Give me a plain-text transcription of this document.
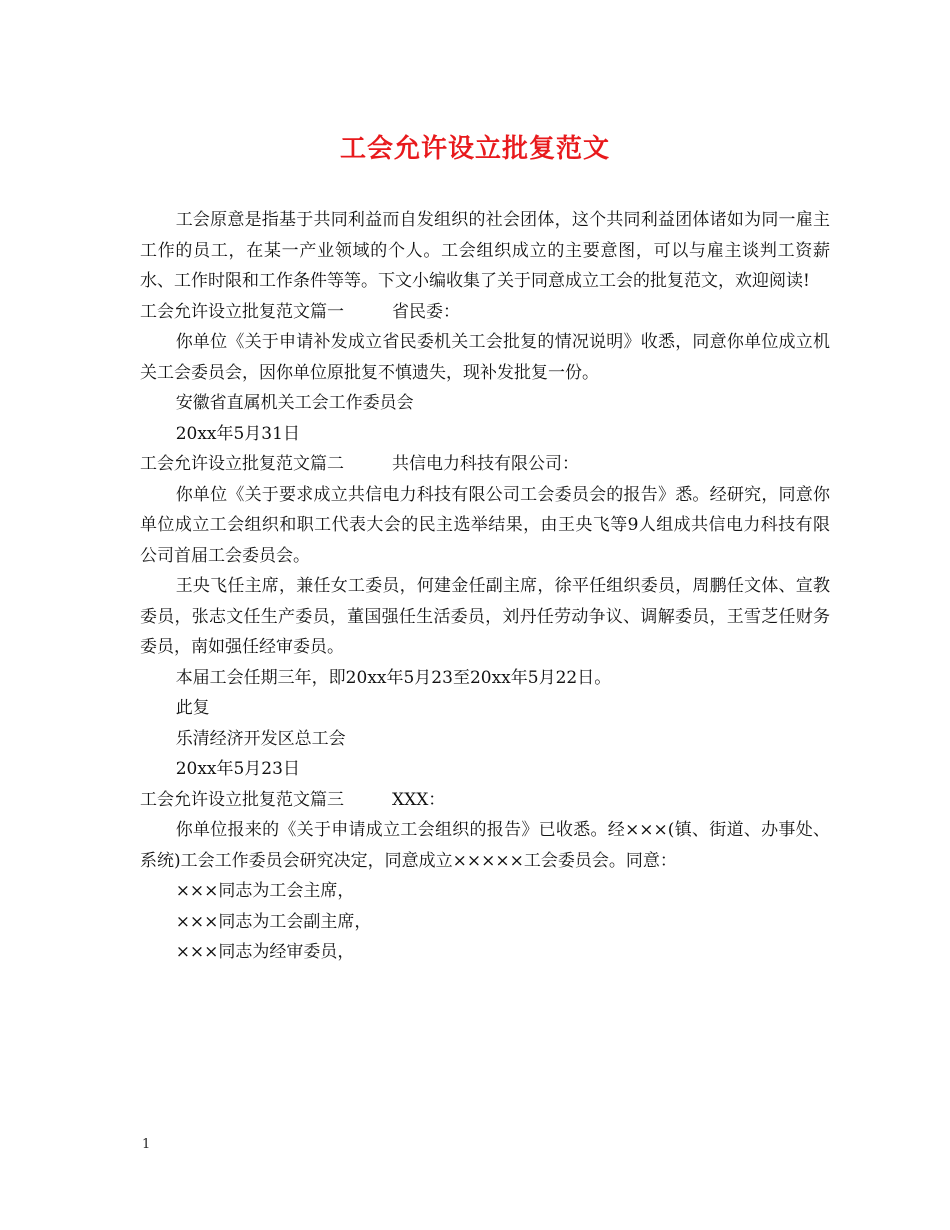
工会允许设立批复范文

工会原意是指基于共同利益而自发组织的社会团体，这个共同利益团体诸如为同一雇主工作的员工，在某一产业领域的个人。工会组织成立的主要意图，可以与雇主谈判工资薪水、工作时限和工作条件等等。下文小编收集了关于同意成立工会的批复范文，欢迎阅读!

工会允许设立批复范文篇一	省民委：

你单位《关于申请补发成立省民委机关工会批复的情况说明》收悉，同意你单位成立机关工会委员会，因你单位原批复不慎遗失，现补发批复一份。

安徽省直属机关工会工作委员会

20xx年5月31日

工会允许设立批复范文篇二	共信电力科技有限公司：

你单位《关于要求成立共信电力科技有限公司工会委员会的报告》悉。经研究，同意你单位成立工会组织和职工代表大会的民主选举结果，由王央飞等9人组成共信电力科技有限公司首届工会委员会。

王央飞任主席，兼任女工委员，何建金任副主席，徐平任组织委员，周鹏任文体、宣教委员，张志文任生产委员，董国强任生活委员，刘丹任劳动争议、调解委员，王雪芝任财务委员，南如强任经审委员。

本届工会任期三年，即20xx年5月23至20xx年5月22日。

此复

乐清经济开发区总工会

20xx年5月23日

工会允许设立批复范文篇三	XXX：

你单位报来的《关于申请成立工会组织的报告》已收悉。经×××(镇、街道、办事处、系统)工会工作委员会研究决定，同意成立×××××工会委员会。同意：

×××同志为工会主席，

×××同志为工会副主席，

×××同志为经审委员，

1
